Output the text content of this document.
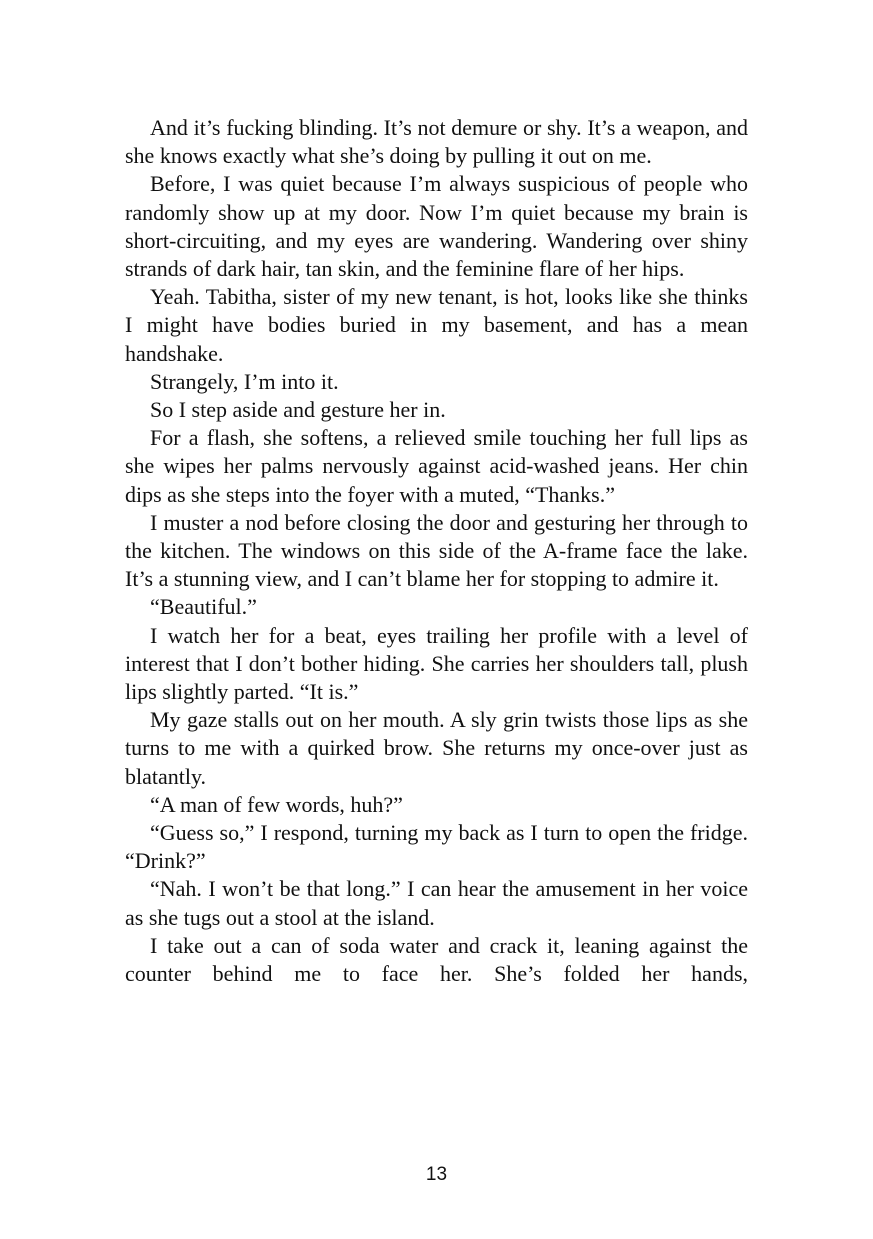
And it’s fucking blinding. It’s not demure or shy. It’s a weapon, and she knows exactly what she’s doing by pulling it out on me.

Before, I was quiet because I’m always suspicious of people who randomly show up at my door. Now I’m quiet because my brain is short-circuiting, and my eyes are wandering. Wandering over shiny strands of dark hair, tan skin, and the feminine flare of her hips.

Yeah. Tabitha, sister of my new tenant, is hot, looks like she thinks I might have bodies buried in my basement, and has a mean handshake.

Strangely, I’m into it.

So I step aside and gesture her in.

For a flash, she softens, a relieved smile touching her full lips as she wipes her palms nervously against acid-washed jeans. Her chin dips as she steps into the foyer with a muted, “Thanks.”

I muster a nod before closing the door and gesturing her through to the kitchen. The windows on this side of the A-frame face the lake. It’s a stunning view, and I can’t blame her for stopping to admire it.

“Beautiful.”

I watch her for a beat, eyes trailing her profile with a level of interest that I don’t bother hiding. She carries her shoulders tall, plush lips slightly parted. “It is.”

My gaze stalls out on her mouth. A sly grin twists those lips as she turns to me with a quirked brow. She returns my once-over just as blatantly.

“A man of few words, huh?”

“Guess so,” I respond, turning my back as I turn to open the fridge. “Drink?”

“Nah. I won’t be that long.” I can hear the amusement in her voice as she tugs out a stool at the island.

I take out a can of soda water and crack it, leaning against the counter behind me to face her. She’s folded her hands,

13
